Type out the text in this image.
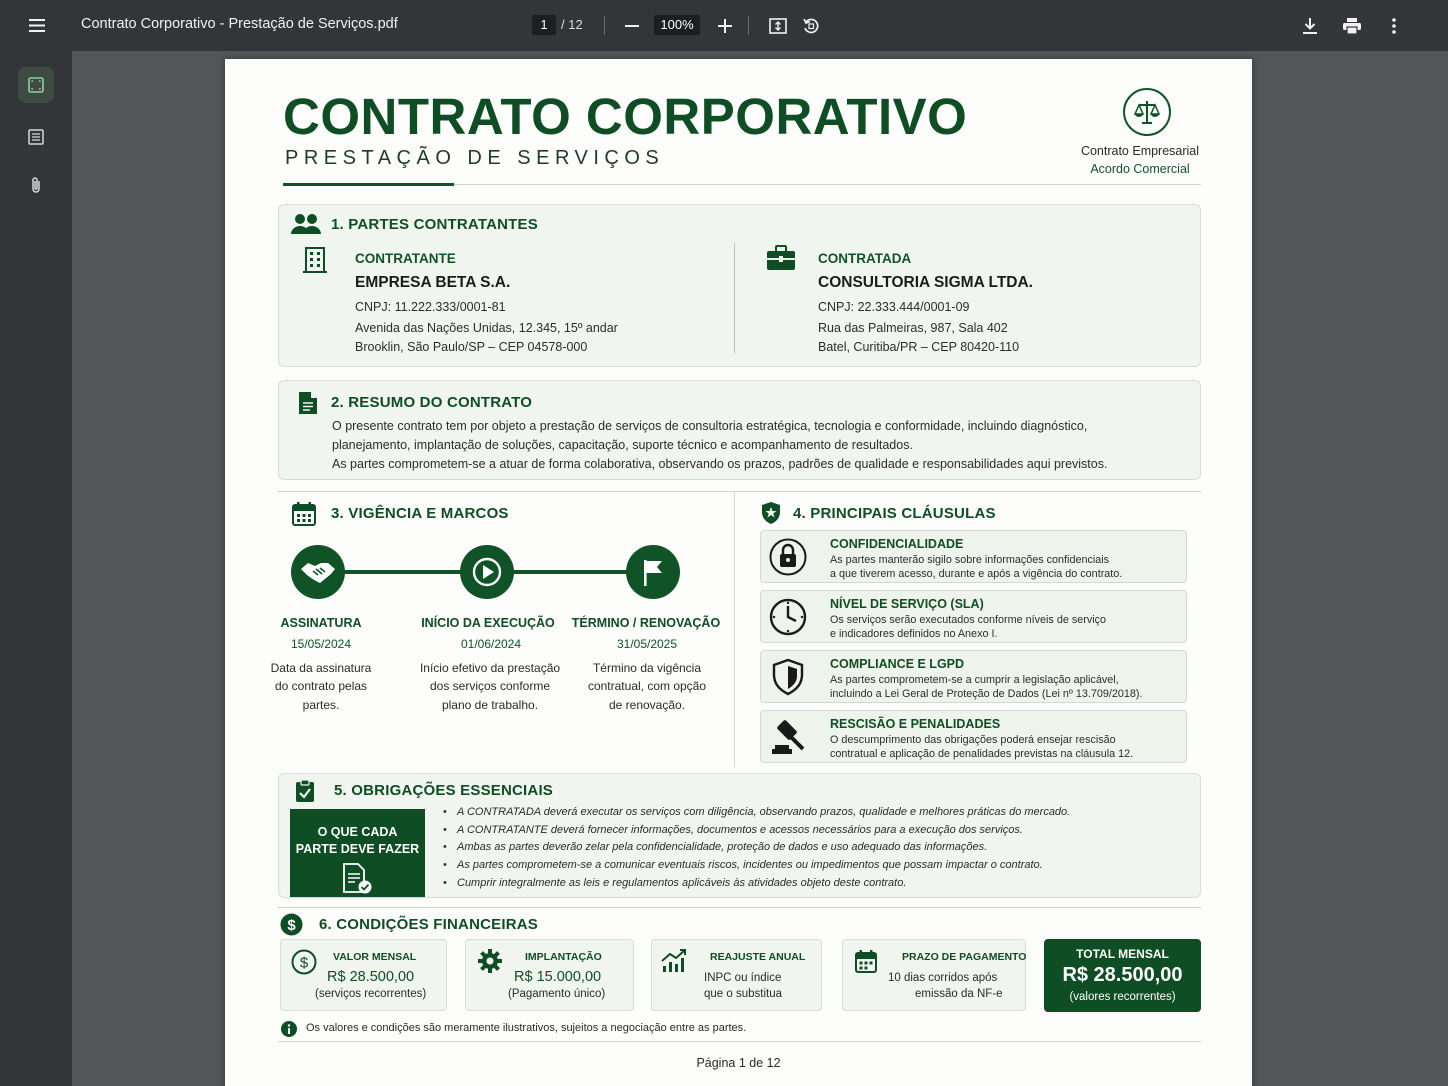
Contrato Corporativo - Prestação de Serviços.pdf	1	/ 12	100%
CONTRATO CORPORATIVO
PRESTAÇÃO DE SERVIÇOS	Contrato Empresarial
Acordo Comercial
1. PARTES CONTRATANTES
CONTRATANTE
EMPRESA BETA S.A.
CNPJ: 11.222.333/0001-81
Avenida das Nações Unidas, 12.345, 15º andar
Brooklin, São Paulo/SP – CEP 04578-000
CONTRATADA
CONSULTORIA SIGMA LTDA.
CNPJ: 22.333.444/0001-09
Rua das Palmeiras, 987, Sala 402
Batel, Curitiba/PR – CEP 80420-110
2. RESUMO DO CONTRATO
O presente contrato tem por objeto a prestação de serviços de consultoria estratégica, tecnologia e conformidade, incluindo diagnóstico,
planejamento, implantação de soluções, capacitação, suporte técnico e acompanhamento de resultados.
As partes comprometem-se a atuar de forma colaborativa, observando os prazos, padrões de qualidade e responsabilidades aqui previstos.
3. VIGÊNCIA E MARCOS
ASSINATURA
15/05/2024
Data da assinatura
do contrato pelas
partes.
INÍCIO DA EXECUÇÃO
01/06/2024
Início efetivo da prestação
dos serviços conforme
plano de trabalho.
TÉRMINO / RENOVAÇÃO
31/05/2025
Término da vigência
contratual, com opção
de renovação.
4. PRINCIPAIS CLÁUSULAS
CONFIDENCIALIDADE
As partes manterão sigilo sobre informações confidenciais
a que tiverem acesso, durante e após a vigência do contrato.
NÍVEL DE SERVIÇO (SLA)
Os serviços serão executados conforme níveis de serviço
e indicadores definidos no Anexo I.
COMPLIANCE E LGPD
As partes comprometem-se a cumprir a legislação aplicável,
incluindo a Lei Geral de Proteção de Dados (Lei nº 13.709/2018).
RESCISÃO E PENALIDADES
O descumprimento das obrigações poderá ensejar rescisão
contratual e aplicação de penalidades previstas na cláusula 12.
5. OBRIGAÇÕES ESSENCIAIS
O QUE CADA
PARTE DEVE FAZER
• A CONTRATADA deverá executar os serviços com diligência, observando prazos, qualidade e melhores práticas do mercado.
• A CONTRATANTE deverá fornecer informações, documentos e acessos necessários para a execução dos serviços.
• Ambas as partes deverão zelar pela confidencialidade, proteção de dados e uso adequado das informações.
• As partes comprometem-se a comunicar eventuais riscos, incidentes ou impedimentos que possam impactar o contrato.
• Cumprir integralmente as leis e regulamentos aplicáveis às atividades objeto deste contrato.
$ 6. CONDIÇÕES FINANCEIRAS
$ VALOR MENSAL
R$ 28.500,00
(serviços recorrentes)
IMPLANTAÇÃO
R$ 15.000,00
(Pagamento único)
REAJUSTE ANUAL
INPC ou índice
que o substitua
PRAZO DE PAGAMENTO
10 dias corridos após
emissão da NF-e
TOTAL MENSAL
R$ 28.500,00
(valores recorrentes)
Os valores e condições são meramente ilustrativos, sujeitos a negociação entre as partes.
Página 1 de 12
